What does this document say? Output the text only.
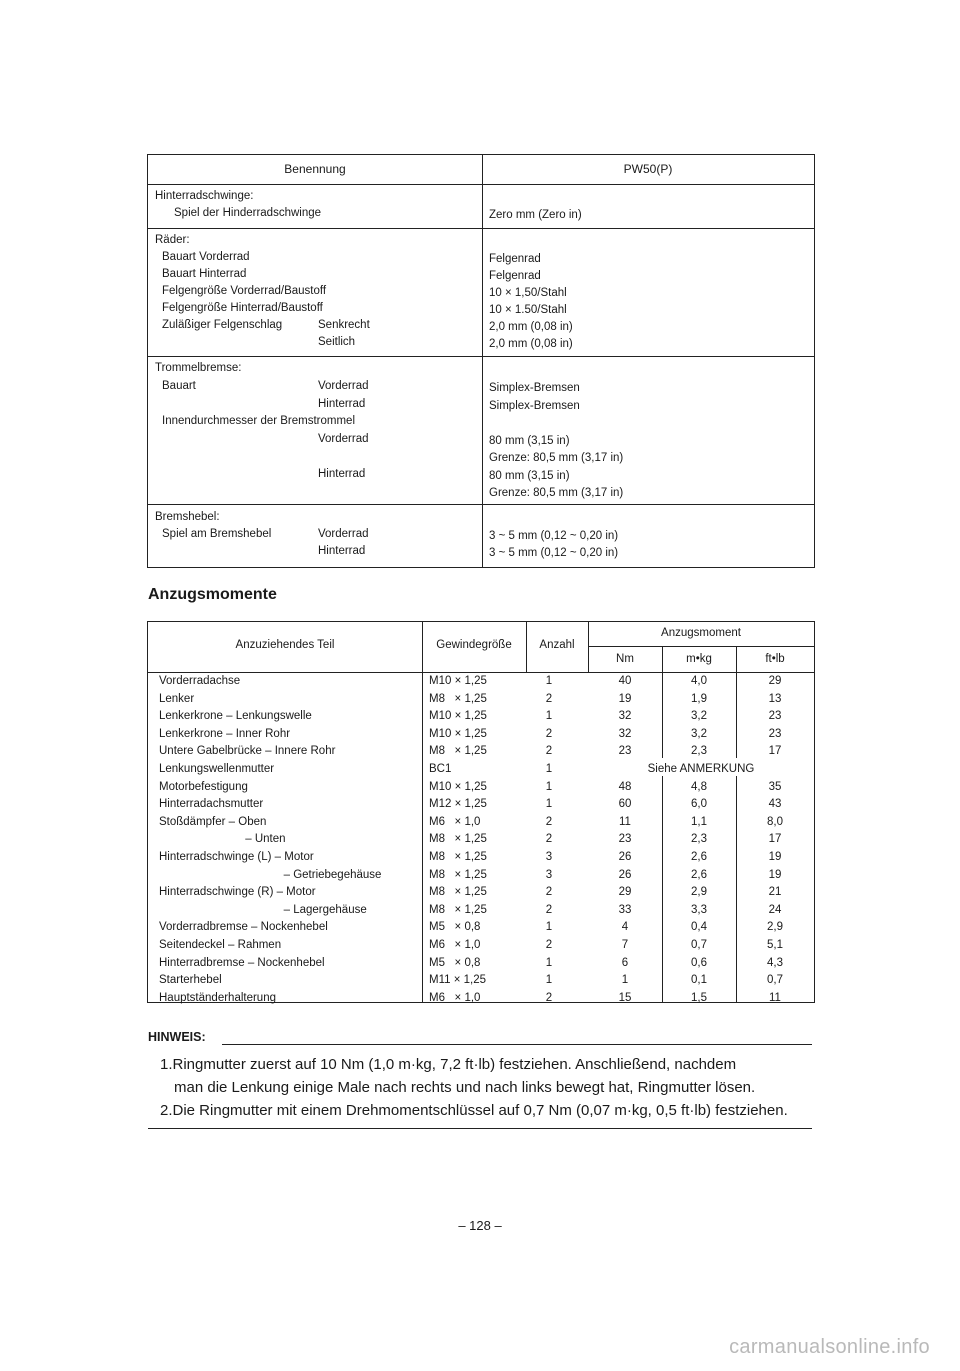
Benennung	PW50(P)
Hinterradschwinge:
Spiel der Hinderradschwinge	Zero mm (Zero in)
Räder:
Bauart Vorderrad	Felgenrad
Bauart Hinterrad	Felgenrad
Felgengröße Vorderrad/Baustoff	10 × 1,50/Stahl
Felgengröße Hinterrad/Baustoff	10 × 1.50/Stahl
Zuläßiger Felgenschlag	Senkrecht	2,0 mm (0,08 in)
Seitlich	2,0 mm (0,08 in)
Trommelbremse:
Bauart	Vorderrad	Simplex-Bremsen
Hinterrad	Simplex-Bremsen
Innendurchmesser der Bremstrommel
Vorderrad	80 mm (3,15 in)
Grenze: 80,5 mm (3,17 in)
Hinterrad	80 mm (3,15 in)
Grenze: 80,5 mm (3,17 in)
Bremshebel:
Spiel am Bremshebel	Vorderrad	3 ~ 5 mm (0,12 ~ 0,20 in)
Hinterrad	3 ~ 5 mm (0,12 ~ 0,20 in)
Anzugsmomente
Anzuziehendes Teil	Gewindegröße	Anzahl
Anzugsmoment
Nm	m•kg	ft•lb
Vorderradachse	M10 × 1,25	1	40	4,0	29
Lenker	M8   × 1,25	2	19	1,9	13
Lenkerkrone – Lenkungswelle	M10 × 1,25	1	32	3,2	23
Lenkerkrone – Inner Rohr	M10 × 1,25	2	32	3,2	23
Untere Gabelbrücke – Innere Rohr	M8   × 1,25	2	23	2,3	17
Lenkungswellenmutter	BC1	1	Siehe ANMERKUNG
Motorbefestigung	M10 × 1,25	1	48	4,8	35
Hinterradachsmutter	M12 × 1,25	1	60	6,0	43
Stoßdämpfer – Oben	M6   × 1,0	2	11	1,1	8,0
– Unten	M8   × 1,25	2	23	2,3	17
Hinterradschwinge (L) – Motor	M8   × 1,25	3	26	2,6	19
– Getriebegehäuse	M8   × 1,25	3	26	2,6	19
Hinterradschwinge (R) – Motor	M8   × 1,25	2	29	2,9	21
– Lagergehäuse	M8   × 1,25	2	33	3,3	24
Vorderradbremse – Nockenhebel	M5   × 0,8	1	4	0,4	2,9
Seitendeckel – Rahmen	M6   × 1,0	2	7	0,7	5,1
Hinterradbremse – Nockenhebel	M5   × 0,8	1	6	0,6	4,3
Starterhebel	M11 × 1,25	1	1	0,1	0,7
Hauptständerhalterung	M6   × 1,0	2	15	1,5	11
HINWEIS:
1.Ringmutter zuerst auf 10 Nm (1,0 m·kg, 7,2 ft·lb) festziehen. Anschließend, nachdem
man die Lenkung einige Male nach rechts und nach links bewegt hat, Ringmutter lösen.
2.Die Ringmutter mit einem Drehmomentschlüssel auf 0,7 Nm (0,07 m·kg, 0,5 ft·lb) festziehen.
– 128 –
carmanualsonline.info
